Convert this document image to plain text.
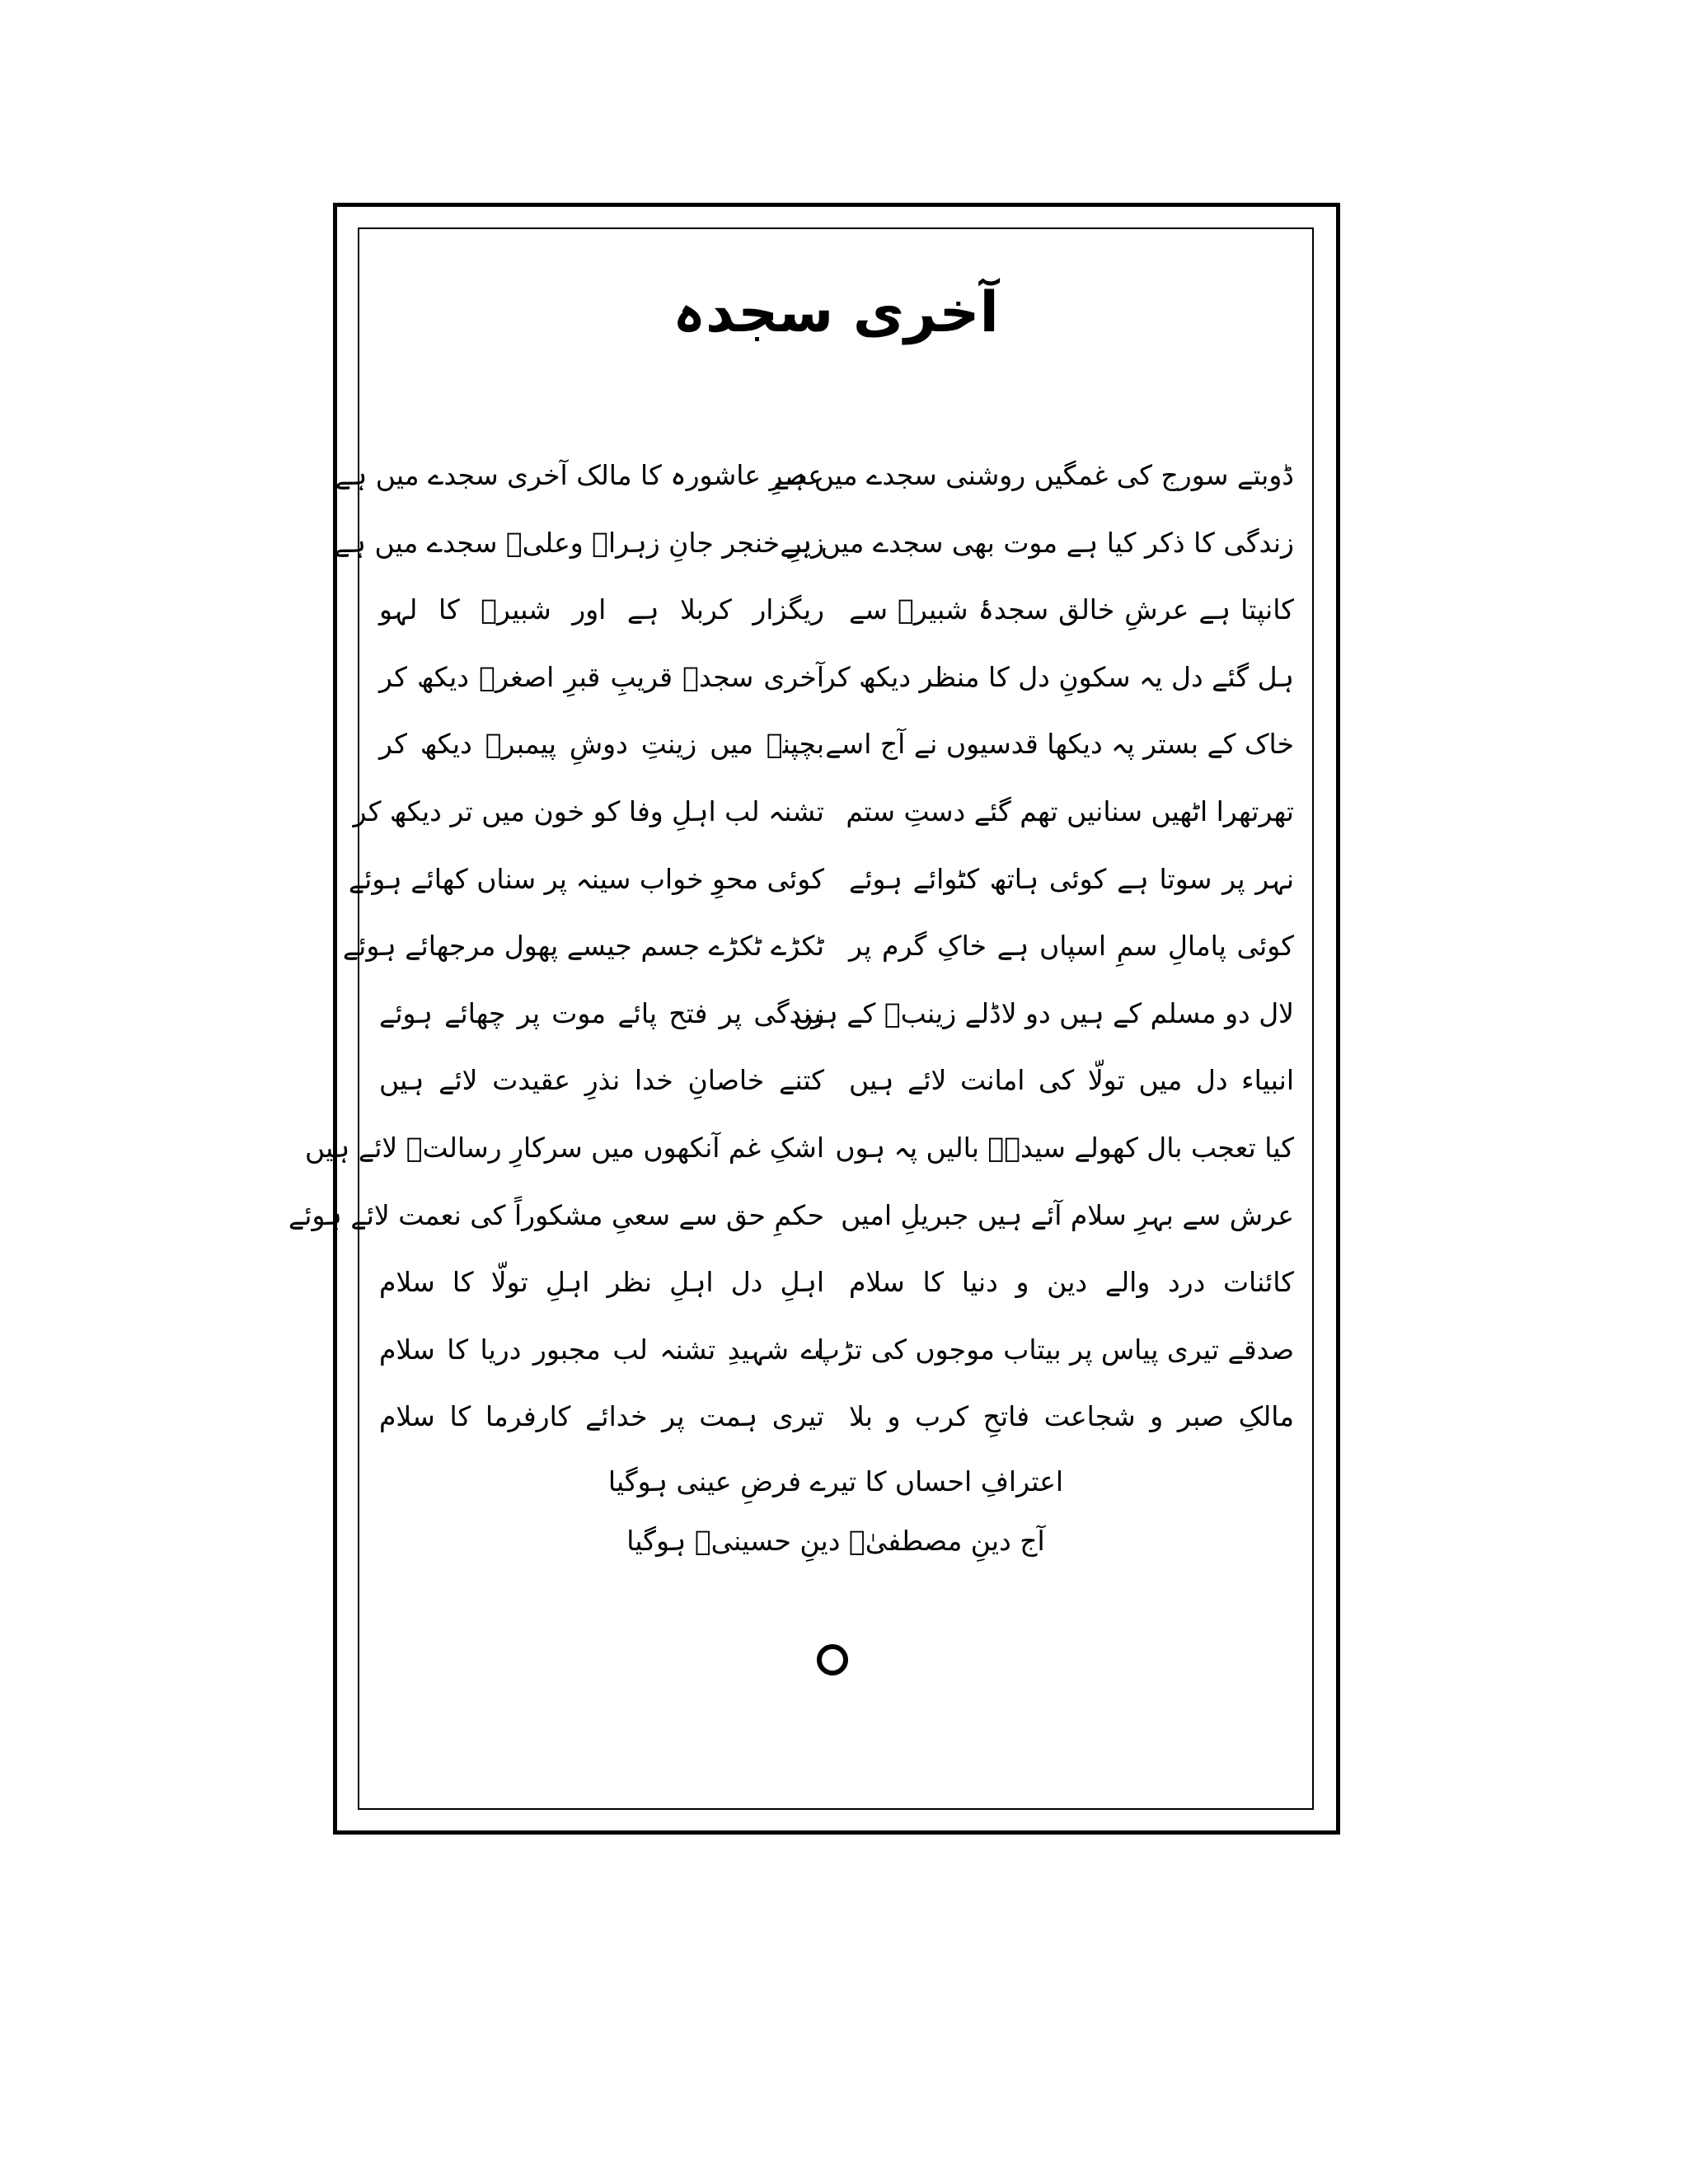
آخری سجدہ
ڈوبتے سورج کی غمگیں روشنی سجدے میں ہے
عصرِ عاشورہ کا مالک آخری سجدے میں ہے
زندگی کا ذکر کیا ہے موت بھی سجدے میں ہے
زیرِ خنجر جانِ زہراؑ وعلیؑ سجدے میں ہے
کانپتا ہے عرشِ خالق سجدۂ شبیرؑ سے
ریگزار کربلا ہے اور شبیرؑ کا لہو
ہل گئے دل یہ سکونِ دل کا منظر دیکھ کر
آخری سجدہ قریبِ قبرِ اصغرؑ دیکھ کر
خاک کے بستر پہ دیکھا قدسیوں نے آج اسے
بچپنے میں زینتِ دوشِ پیمبرؐ دیکھ کر
تھرتھرا اٹھیں سنانیں تھم گئے دستِ ستم
تشنہ لب اہلِ وفا کو خون میں تر دیکھ کر
نہر پر سوتا ہے کوئی ہاتھ کٹوائے ہوئے
کوئی محوِ خواب سینہ پر سناں کھائے ہوئے
کوئی پامالِ سمِ اسپاں ہے خاکِ گرم پر
ٹکڑے ٹکڑے جسم جیسے پھول مرجھائے ہوئے
لال دو مسلم کے ہیں دو لاڈلے زینبؑ کے ہیں
زندگی پر فتح پائے موت پر چھائے ہوئے
انبیاء دل میں تولّا کی امانت لائے ہیں
کتنے خاصانِ خدا نذرِ عقیدت لائے ہیں
کیا تعجب بال کھولے سیدہؑ بالیں پہ ہوں
اشکِ غم آنکھوں میں سرکارِ رسالتؐ لائے ہیں
عرش سے بہرِ سلام آئے ہیں جبریلِ امیں
حکمِ حق سے سعیِ مشکوراً کی نعمت لائے ہوئے
کائنات درد والے دین و دنیا کا سلام
اہلِ دل اہلِ نظر اہلِ تولّا کا سلام
صدقے تیری پیاس پر بیتاب موجوں کی تڑپ
اے شہیدِ تشنہ لب مجبور دریا کا سلام
مالکِ صبر و شجاعت فاتحِ کرب و بلا
تیری ہمت پر خدائے کارفرما کا سلام
اعترافِ احساں کا تیرے فرضِ عینی ہوگیا
آج دینِ مصطفیٰؐ دینِ حسینیؑ ہوگیا
